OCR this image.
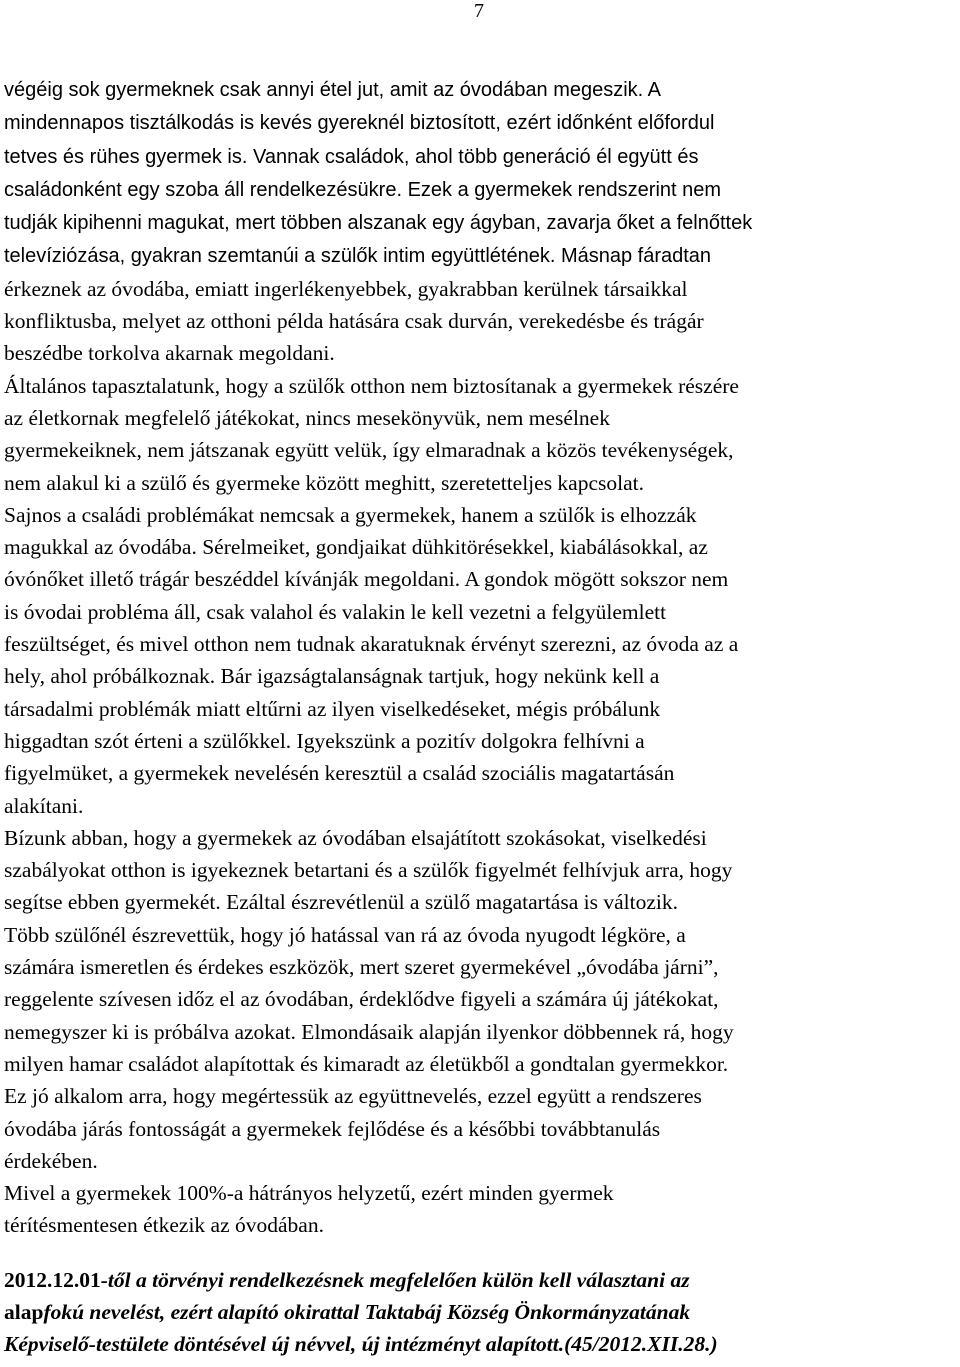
7
végéig sok gyermeknek csak annyi étel jut, amit az óvodában megeszik. A
mindennapos tisztálkodás is kevés gyereknél biztosított, ezért időnként előfordul
tetves és rühes gyermek is. Vannak családok, ahol több generáció él együtt és
családonként egy szoba áll rendelkezésükre. Ezek a gyermekek rendszerint nem
tudják kipihenni magukat, mert többen alszanak egy ágyban, zavarja őket a felnőttek
televíziózása, gyakran szemtanúi a szülők intim együttlétének. Másnap fáradtan
érkeznek az óvodába, emiatt ingerlékenyebbek, gyakrabban kerülnek társaikkal
konfliktusba, melyet az otthoni példa hatására csak durván, verekedésbe és trágár
beszédbe torkolva akarnak megoldani.
Általános tapasztalatunk, hogy a szülők otthon nem biztosítanak a gyermekek részére
az életkornak megfelelő játékokat, nincs mesekönyvük, nem mesélnek
gyermekeiknek, nem játszanak együtt velük, így elmaradnak a közös tevékenységek,
nem alakul ki a szülő és gyermeke között meghitt, szeretetteljes kapcsolat.
Sajnos a családi problémákat nemcsak a gyermekek, hanem a szülők is elhozzák
magukkal az óvodába. Sérelmeiket, gondjaikat dühkitörésekkel, kiabálásokkal, az
óvónőket illető trágár beszéddel kívánják megoldani. A gondok mögött sokszor nem
is óvodai probléma áll, csak valahol és valakin le kell vezetni a felgyülemlett
feszültséget, és mivel otthon nem tudnak akaratuknak érvényt szerezni, az óvoda az a
hely, ahol próbálkoznak. Bár igazságtalanságnak tartjuk, hogy nekünk kell a
társadalmi problémák miatt eltűrni az ilyen viselkedéseket, mégis próbálunk
higgadtan szót érteni a szülőkkel. Igyekszünk a pozitív dolgokra felhívni a
figyelmüket, a gyermekek nevelésén keresztül a család szociális magatartásán
alakítani.
Bízunk abban, hogy a gyermekek az óvodában elsajátított szokásokat, viselkedési
szabályokat otthon is igyekeznek betartani és a szülők figyelmét felhívjuk arra, hogy
segítse ebben gyermekét. Ezáltal észrevétlenül a szülő magatartása is változik.
Több szülőnél észrevettük, hogy jó hatással van rá az óvoda nyugodt légköre, a
számára ismeretlen és érdekes eszközök, mert szeret gyermekével „óvodába járni”,
reggelente szívesen időz el az óvodában, érdeklődve figyeli a számára új játékokat,
nemegyszer ki is próbálva azokat. Elmondásaik alapján ilyenkor döbbennek rá, hogy
milyen hamar családot alapítottak és kimaradt az életükből a gondtalan gyermekkor.
Ez jó alkalom arra, hogy megértessük az együttnevelés, ezzel együtt a rendszeres
óvodába járás fontosságát a gyermekek fejlődése és a későbbi továbbtanulás
érdekében.
Mivel a gyermekek 100%-a hátrányos helyzetű, ezért minden gyermek
térítésmentesen étkezik az óvodában.
2012.12.01-től a törvényi rendelkezésnek megfelelően külön kell választani az
alapfokú nevelést, ezért alapító okirattal Taktabáj Község Önkormányzatának
Képviselő-testülete döntésével új névvel, új intézményt alapított.(45/2012.XII.28.)
